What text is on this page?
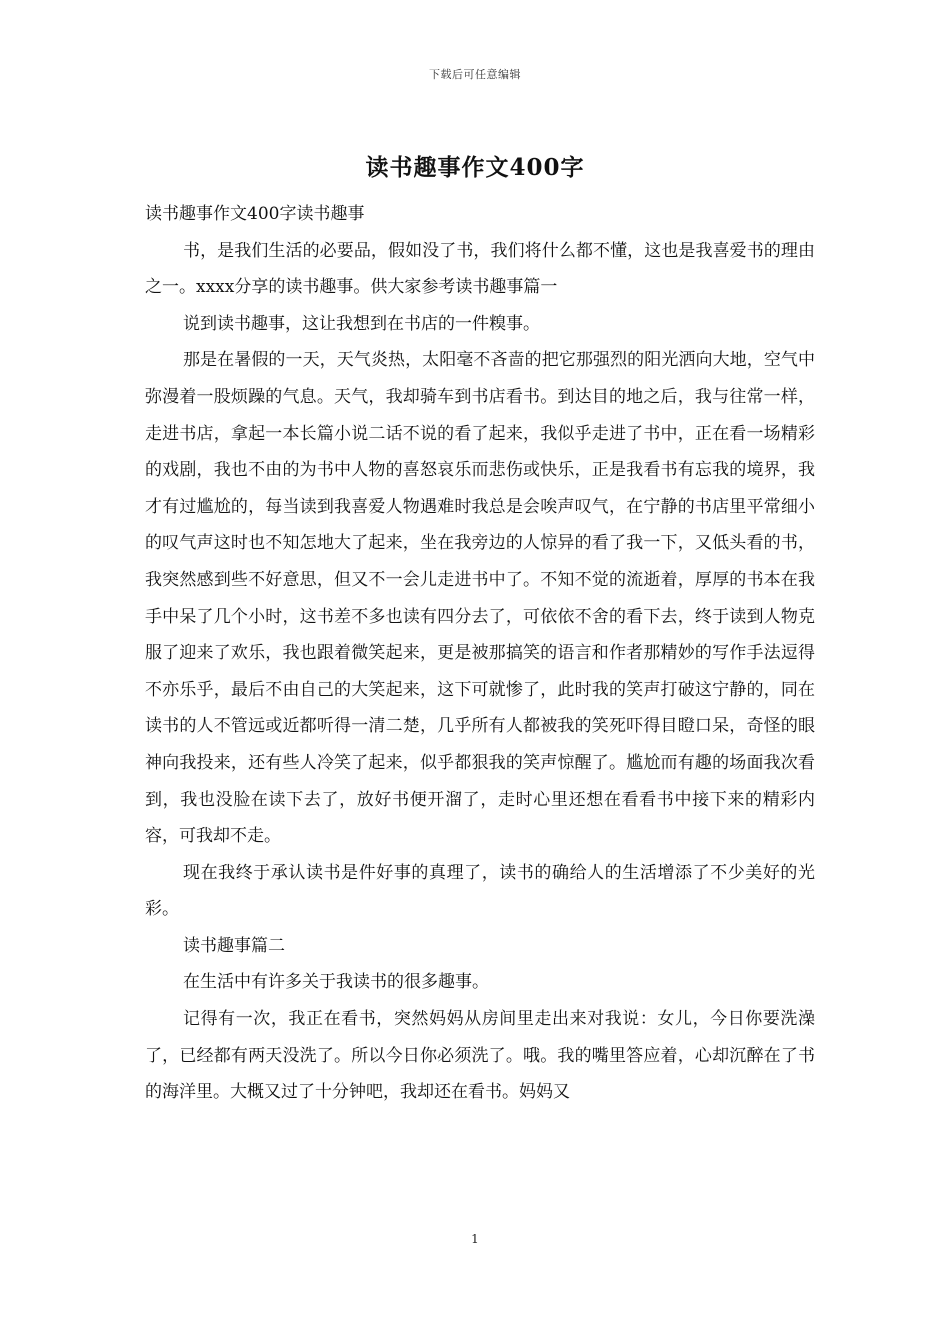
下载后可任意编辑
读书趣事作文400字

读书趣事作文400字读书趣事

书，是我们生活的必要品，假如没了书，我们将什么都不懂，这也是我喜爱书的理由之一。xxxx分享的读书趣事。供大家参考读书趣事篇一

说到读书趣事，这让我想到在书店的一件糗事。

那是在暑假的一天，天气炎热，太阳毫不吝啬的把它那强烈的阳光洒向大地，空气中弥漫着一股烦躁的气息。天气，我却骑车到书店看书。到达目的地之后，我与往常一样，走进书店，拿起一本长篇小说二话不说的看了起来，我似乎走进了书中，正在看一场精彩的戏剧，我也不由的为书中人物的喜怒哀乐而悲伤或快乐，正是我看书有忘我的境界，我才有过尴尬的，每当读到我喜爱人物遇难时我总是会唉声叹气，在宁静的书店里平常细小的叹气声这时也不知怎地大了起来，坐在我旁边的人惊异的看了我一下，又低头看的书，我突然感到些不好意思，但又不一会儿走进书中了。不知不觉的流逝着，厚厚的书本在我手中呆了几个小时，这书差不多也读有四分去了，可依依不舍的看下去，终于读到人物克服了迎来了欢乐，我也跟着微笑起来，更是被那搞笑的语言和作者那精妙的写作手法逗得不亦乐乎，最后不由自己的大笑起来，这下可就惨了，此时我的笑声打破这宁静的，同在读书的人不管远或近都听得一清二楚，几乎所有人都被我的笑死吓得目瞪口呆，奇怪的眼神向我投来，还有些人冷笑了起来，似乎都狠我的笑声惊醒了。尴尬而有趣的场面我次看到，我也没脸在读下去了，放好书便开溜了，走时心里还想在看看书中接下来的精彩内容，可我却不走。

现在我终于承认读书是件好事的真理了，读书的确给人的生活增添了不少美好的光彩。

读书趣事篇二

在生活中有许多关于我读书的很多趣事。

记得有一次，我正在看书，突然妈妈从房间里走出来对我说：女儿，今日你要洗澡了，已经都有两天没洗了。所以今日你必须洗了。哦。我的嘴里答应着，心却沉醉在了书的海洋里。大概又过了十分钟吧，我却还在看书。妈妈又

1
